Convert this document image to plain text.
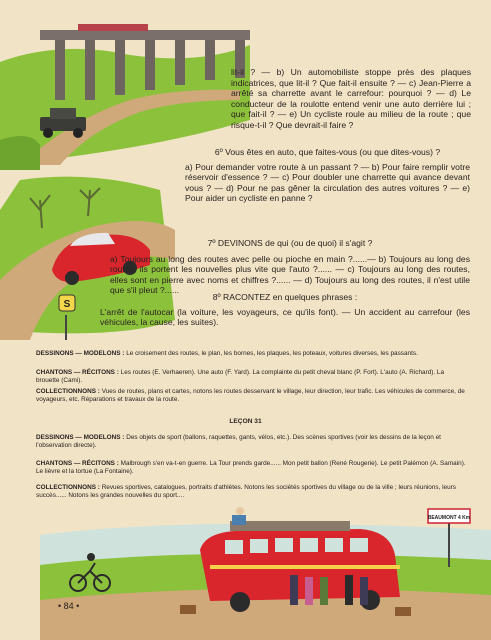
S

lit-il ? — b) Un automobiliste stoppe près des plaques indicatrices, que lit-il ? Que fait-il ensuite ? — c) Jean-Pierre a arrêté sa charrette avant le carrefour: pourquoi ? — d) Le conducteur de la roulotte entend venir une auto derrière lui ; que fait-il ? — e) Un cycliste roule au milieu de la route ; que risque-t-il ? Que devrait-il faire ?

6º Vous êtes en auto, que faites-vous (ou que dites-vous) ?

a) Pour demander votre route à un passant ? — b) Pour faire remplir votre réservoir d'essence ? — c) Pour doubler une charrette qui avance devant vous ? — d) Pour ne pas gêner la circulation des autres voitures ? — e) Pour aider un cycliste en panne ?

7º DEVINONS de qui (ou de quoi) il s'agit ?

a) Toujours au long des routes avec pelle ou pioche en main ?......— b) Toujours au long des routes, ils portent les nouvelles plus vite que l'auto ?...... — c) Toujours au long des routes, elles sont en pierre avec noms et chiffres ?...... — d) Toujours au long des routes, il n'est utile que s'il pleut ?......

8º RACONTEZ en quelques phrases :

L'arrêt de l'autocar (la voiture, les voyageurs, ce qu'ils font). — Un accident au carrefour (les véhicules, la cause, les suites).

DESSINONS — MODELONS : Le croisement des routes, le plan, les bornes, les plaques, les poteaux, voitures diverses, les passants.
CHANTONS — RÉCITONS : Les routes (E. Verhaeren). Une auto (F. Yard). La complainte du petit cheval blanc (P. Fort). L'auto (A. Richard). La brouette (Cami).
COLLECTIONNONS : Vues de routes, plans et cartes, notons les routes desservant le village, leur direction, leur trafic. Les véhicules de commerce, de voyageurs, etc. Réparations et travaux de la route.
LEÇON 31
DESSINONS — MODELONS : Des objets de sport (ballons, raquettes, gants, vélos, etc.). Des scènes sportives (voir les dessins de la leçon et l'observation directe).
CHANTONS — RÉCITONS : Malbrough s'en va-t-en guerre. La Tour prends garde...... Mon petit ballon (René Rougerie). Le petit Palémon (A. Samain). Le lièvre et la tortue (La Fontaine).
COLLECTIONNONS : Revues sportives, catalogues, portraits d'athlètes. Notons les sociétés sportives du village ou de la ville ; leurs réunions, leurs succès...... Notons les grandes nouvelles du sport....
BEAUMONT 4 Km
• 84 •
